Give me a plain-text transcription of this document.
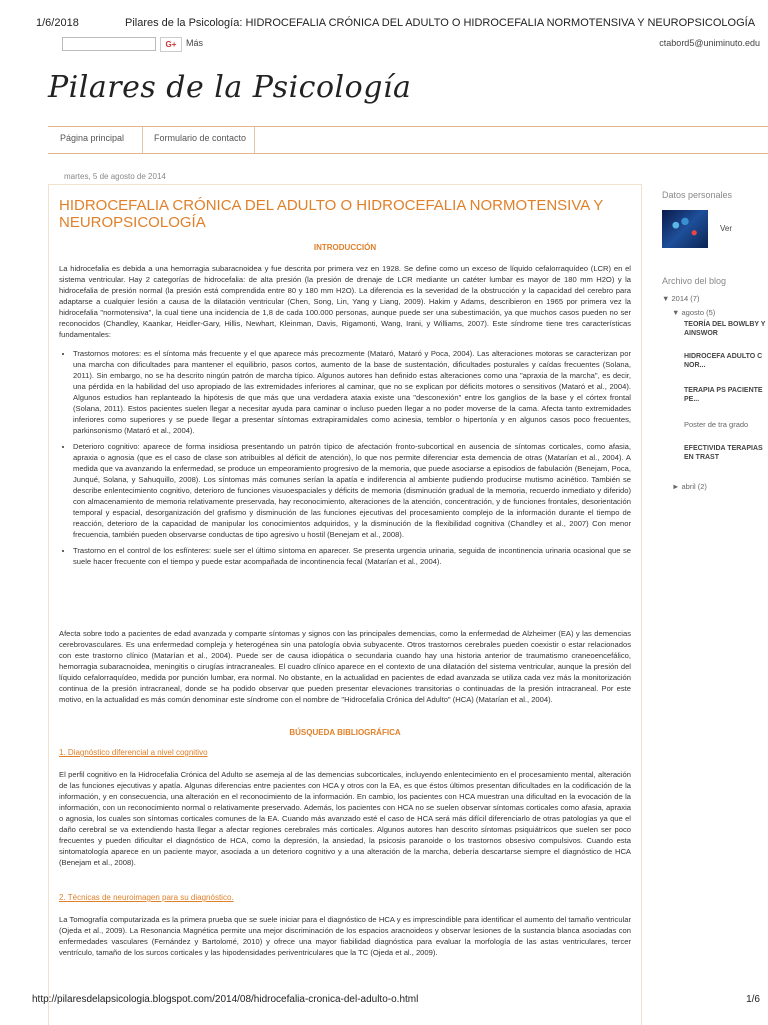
1/6/2018	Pilares de la Psicología: HIDROCEFALIA CRÓNICA DEL ADULTO O HIDROCEFALIA NORMOTENSIVA Y NEUROPSICOLOGÍA
G+	Más	ctabord5@uniminuto.edu
Pilares de la Psicología
Página principal	Formulario de contacto
martes, 5 de agosto de 2014
HIDROCEFALIA CRÓNICA DEL ADULTO O HIDROCEFALIA NORMOTENSIVA Y NEUROPSICOLOGÍA
INTRODUCCIÓN
La hidrocefalia es debida a una hemorragia subaracnoidea y fue descrita por primera vez en 1928. Se define como un exceso de líquido cefalorraquídeo (LCR) en el sistema ventricular. Hay 2 categorías de hidrocefalia: de alta presión (la presión de drenaje de LCR mediante un catéter lumbar es mayor de 180 mm H2O) y la hidrocefalia de presión normal (la presión está comprendida entre 80 y 180 mm H2O). La diferencia es la severidad de la obstrucción y la capacidad del cerebro para adaptarse a cualquier lesión a causa de la dilatación ventricular (Chen, Song, Lin, Yang y Liang, 2009). Hakim y Adams, describieron en 1965 por primera vez la hidrocefalia "normotensiva", la cual tiene una incidencia de 1,8 de cada 100.000 personas, aunque puede ser una subestimación, ya que muchos casos pueden no ser reconocidos (Chandley, Kaankar, Heidler-Gary, Hillis, Newhart, Kleinman, Davis, Rigamonti, Wang, Irani, y Williams, 2007). Este síndrome tiene tres características fundamentales:
• Trastornos motores: es el síntoma más frecuente y el que aparece más precozmente (Mataró, Mataró y Poca, 2004). Las alteraciones motoras se caracterizan por una marcha con dificultades para mantener el equilibrio, pasos cortos, aumento de la base de sustentación, dificultades posturales y caídas frecuentes (Solana, 2011). Sin embargo, no se ha descrito ningún patrón de marcha típico. Algunos autores han definido estas alteraciones como una "apraxia de la marcha", es decir, una pérdida en la habilidad del uso apropiado de las extremidades inferiores al caminar, que no se explican por déficits motores o sensitivos (Mataró et al., 2004). Algunos estudios han replanteado la hipótesis de que más que una verdadera ataxia existe una "desconexión" entre los ganglios de la base y el córtex frontal (Solana, 2011). Estos pacientes suelen llegar a necesitar ayuda para caminar o incluso pueden llegar a no poder moverse de la cama. Afecta tanto extremidades inferiores como superiores y se puede llegar a presentar síntomas extrapiramidales como acinesia, temblor o hipertonía y en algunos casos poco frecuentes, parkinsonismo (Mataró et al., 2004).
• Deterioro cognitivo: aparece de forma insidiosa presentando un patrón típico de afectación fronto-subcortical en ausencia de síntomas corticales, como afasia, apraxia o agnosia (que es el caso de clase son atribuibles al déficit de atención), lo que nos permite diferenciar esta demencia de otras (Matarían et al., 2004). A medida que va avanzando la enfermedad, se produce un empeoramiento progresivo de la memoria, que puede asociarse a episodios de fabulación (Benejam, Poca, Junqué, Solana, y Sahuquillo, 2008). Los síntomas más comunes serían la apatía e indiferencia al ambiente pudiendo producirse mutismo acinético. También se describe enlentecimiento cognitivo, deterioro de funciones visuoespaciales y déficits de memoria (disminución gradual de la memoria, recuerdo inmediato y diferido) con almacenamiento de memoria relativamente preservada, hay reconocimiento, alteraciones de la atención, concentración, y de funciones frontales, desorientación temporal y espacial, desorganización del grafismo y disminución de las funciones ejecutivas del procesamiento complejo de la información durante el tiempo de reacción, deterioro de la capacidad de manipular los conocimientos adquiridos, y la disminución de la flexibilidad cognitiva (Chandley et al., 2007) Con menor frecuencia, también pueden observarse conductas de tipo agresivo u hostil (Benejam et al., 2008).
• Trastorno en el control de los esfínteres: suele ser el último síntoma en aparecer. Se presenta urgencia urinaria, seguida de incontinencia urinaria ocasional que se suele hacer frecuente con el tiempo y puede estar acompañada de incontinencia fecal (Matarían et al., 2004).
Afecta sobre todo a pacientes de edad avanzada y comparte síntomas y signos con las principales demencias, como la enfermedad de Alzheimer (EA) y las demencias cerebrovasculares. Es una enfermedad compleja y heterogénea sin una patología obvia subyacente. Otros trastornos cerebrales pueden coexistir o estar relacionados con este trastorno clínico (Matarían et al., 2004). Puede ser de causa idiopática o secundaria cuando hay una historia anterior de traumatismo craneoencefálico, hemorragia subaracnoidea, meningitis o cirugías intracraneales. El cuadro clínico aparece en el contexto de una dilatación del sistema ventricular, aunque la presión del líquido cefalorraquídeo, medida por punción lumbar, era normal. No obstante, en la actualidad en pacientes de edad avanzada se utiliza cada vez más la monitorización continua de la presión intracraneal, donde se ha podido observar que pueden presentar elevaciones transitorias o continuadas de la presión intracraneal. Por este motivo, en la actualidad es más común denominar este síndrome con el nombre de "Hidrocefalia Crónica del Adulto" (HCA) (Matarían et al., 2004).
BÚSQUEDA BIBLIOGRÁFICA
1. Diagnóstico diferencial a nivel cognitivo
El perfil cognitivo en la Hidrocefalia Crónica del Adulto se asemeja al de las demencias subcorticales, incluyendo enlentecimiento en el procesamiento mental, alteración de las funciones ejecutivas y apatía. Algunas diferencias entre pacientes con HCA y otros con la EA, es que éstos últimos presentan dificultades en la codificación de la información, y en consecuencia, una alteración en el reconocimiento de la información. En cambio, los pacientes con HCA muestran una dificultad en la evocación de la información, con un reconocimiento normal o relativamente preservado. Además, los pacientes con HCA no se suelen observar síntomas corticales como afasia, apraxia o agnosia, los cuales son síntomas corticales comunes de la EA. Cuando más avanzado esté el caso de HCA será más difícil diferenciarlo de otras patologías ya que el daño cerebral se va extendiendo hasta llegar a afectar regiones cerebrales más corticales. Algunos autores han descrito síntomas psiquiátricos que suelen ser poco frecuentes y pueden dificultar el diagnóstico de HCA, como la depresión, la ansiedad, la psicosis paranoide o los trastornos obsesivo compulsivos. Cuando esta sintomatología aparece en un paciente mayor, asociada a un deterioro cognitivo y a una alteración de la marcha, debería descartarse siempre el diagnóstico de HCA (Benejam et al., 2008).
2. Técnicas de neuroimagen para su diagnóstico.
La Tomografía computarizada es la primera prueba que se suele iniciar para el diagnóstico de HCA y es imprescindible para identificar el aumento del tamaño ventricular (Ojeda et al., 2009). La Resonancia Magnética permite una mejor discriminación de los espacios aracnoideos y observar lesiones de la sustancia blanca asociadas con enfermedades vasculares (Fernández y Bartolomé, 2010) y ofrece una mayor fiabilidad diagnóstica para evaluar la morfología de las astas ventriculares, tercer ventrículo, tamaño de los surcos corticales y las hipodensidades periventriculares que la TC (Ojeda et al., 2009).
Datos personales
Ver
Archivo del blog
▼ 2014 (7)
▼ agosto (5)
TEORÍA DEL BOWLBY Y AINSWOR
HIDROCEFA ADULTO C NOR...
TERAPIA PS PACIENTE PE...
Poster de tra grado
EFECTIVIDA TERAPIAS EN TRAST
► abril (2)
http://pilaresdelapsicologia.blogspot.com/2014/08/hidrocefalia-cronica-del-adulto-o.html	1/6
